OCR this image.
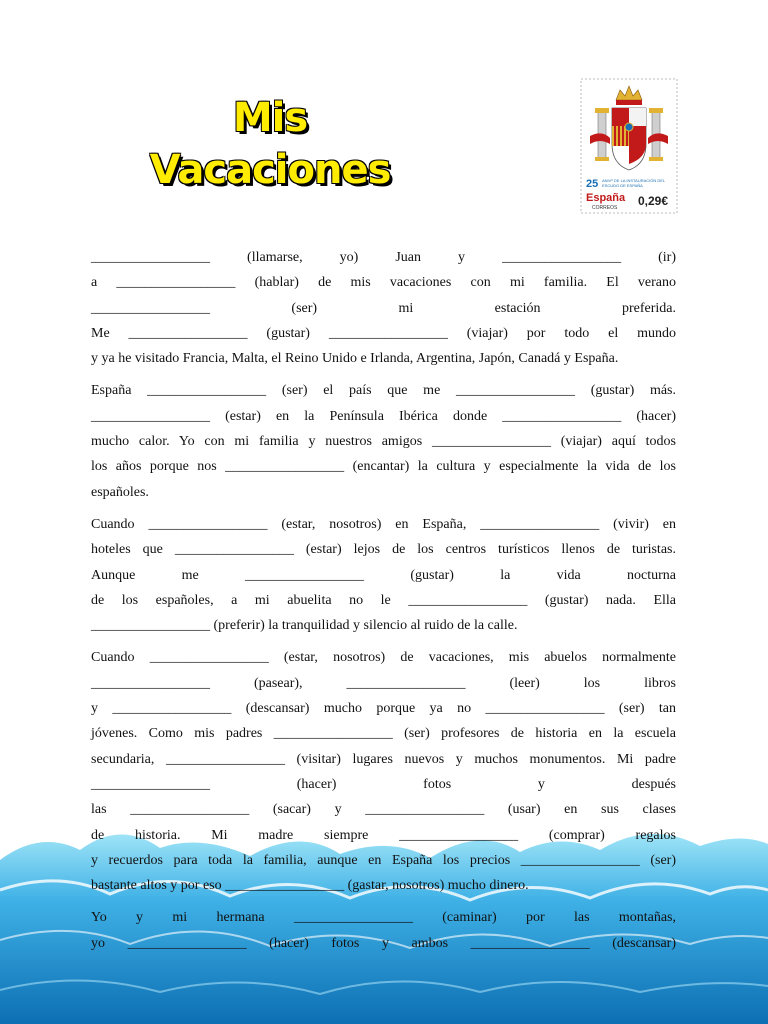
Mis
Vacaciones	25 ANIVº DE LA INSTAURACIÓN DEL ESCUDO DE ESPAÑA
España
CORREOS 0,29€
_________________ (llamarse, yo) Juan y _________________ (ir)
a _________________ (hablar) de mis vacaciones con mi familia. El verano
_________________ (ser) mi estación preferida.
Me _________________ (gustar) _________________ (viajar) por todo el mundo
y ya he visitado Francia, Malta, el Reino Unido e Irlanda, Argentina, Japón, Canadá y España.
España _________________ (ser) el país que me _________________ (gustar) más.
_________________ (estar) en la Península Ibérica donde _________________ (hacer)
mucho calor. Yo con mi familia y nuestros amigos _________________ (viajar) aquí todos
los años porque nos _________________ (encantar) la cultura y especialmente la vida de los
españoles.
Cuando _________________ (estar, nosotros) en España, _________________ (vivir) en
hoteles que _________________ (estar) lejos de los centros turísticos llenos de turistas.
Aunque me _________________ (gustar) la vida nocturna
de los españoles, a mi abuelita no le _________________ (gustar) nada. Ella
_________________ (preferir) la tranquilidad y silencio al ruido de la calle.
Cuando _________________ (estar, nosotros) de vacaciones, mis abuelos normalmente
_________________ (pasear), _________________ (leer) los libros
y _________________ (descansar) mucho porque ya no _________________ (ser) tan
jóvenes. Como mis padres _________________ (ser) profesores de historia en la escuela
secundaria, _________________ (visitar) lugares nuevos y muchos monumentos. Mi padre
_________________ (hacer) fotos y después
las _________________ (sacar) y _________________ (usar) en sus clases
de historia. Mi madre siempre _________________ (comprar) regalos
y recuerdos para toda la familia, aunque en España los precios _________________ (ser)
bastante altos y por eso _________________ (gastar, nosotros) mucho dinero.
Yo y mi hermana _________________ (caminar) por las montañas,
yo _________________ (hacer) fotos y ambos _________________ (descansar)
